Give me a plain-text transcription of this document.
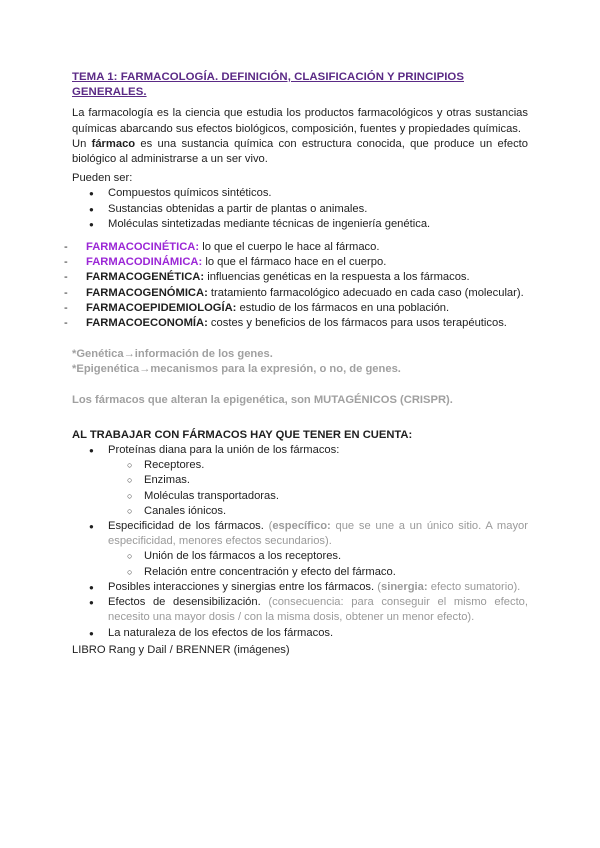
TEMA 1: FARMACOLOGÍA. DEFINICIÓN, CLASIFICACIÓN Y PRINCIPIOS GENERALES.

La farmacología es la ciencia que estudia los productos farmacológicos y otras sustancias químicas abarcando sus efectos biológicos, composición, fuentes y propiedades químicas.

Un fármaco es una sustancia química con estructura conocida, que produce un efecto biológico al administrarse a un ser vivo.

Pueden ser:

● Compuestos químicos sintéticos.
● Sustancias obtenidas a partir de plantas o animales.
● Moléculas sintetizadas mediante técnicas de ingeniería genética.
- FARMACOCINÉTICA: lo que el cuerpo le hace al fármaco.
- FARMACODINÁMICA: lo que el fármaco hace en el cuerpo.
- FARMACOGENÉTICA: influencias genéticas en la respuesta a los fármacos.
- FARMACOGENÓMICA: tratamiento farmacológico adecuado en cada caso (molecular).
- FARMACOEPIDEMIOLOGÍA: estudio de los fármacos en una población.
- FARMACOECONOMÍA: costes y beneficios de los fármacos para usos terapéuticos.
*Genética→información de los genes.
*Epigenética→mecanismos para la expresión, o no, de genes.
Los fármacos que alteran la epigenética, son MUTAGÉNICOS (CRISPR).
AL TRABAJAR CON FÁRMACOS HAY QUE TENER EN CUENTA:
● Proteínas diana para la unión de los fármacos:
○ Receptores.
○ Enzimas.
○ Moléculas transportadoras.
○ Canales iónicos.
● Especificidad de los fármacos. (específico: que se une a un único sitio. A mayor especificidad, menores efectos secundarios).
○ Unión de los fármacos a los receptores.
○ Relación entre concentración y efecto del fármaco.
● Posibles interacciones y sinergias entre los fármacos. (sinergia: efecto sumatorio).
● Efectos de desensibilización. (consecuencia: para conseguir el mismo efecto, necesito una mayor dosis / con la misma dosis, obtener un menor efecto).
● La naturaleza de los efectos de los fármacos.
LIBRO Rang y Dail / BRENNER (imágenes)
